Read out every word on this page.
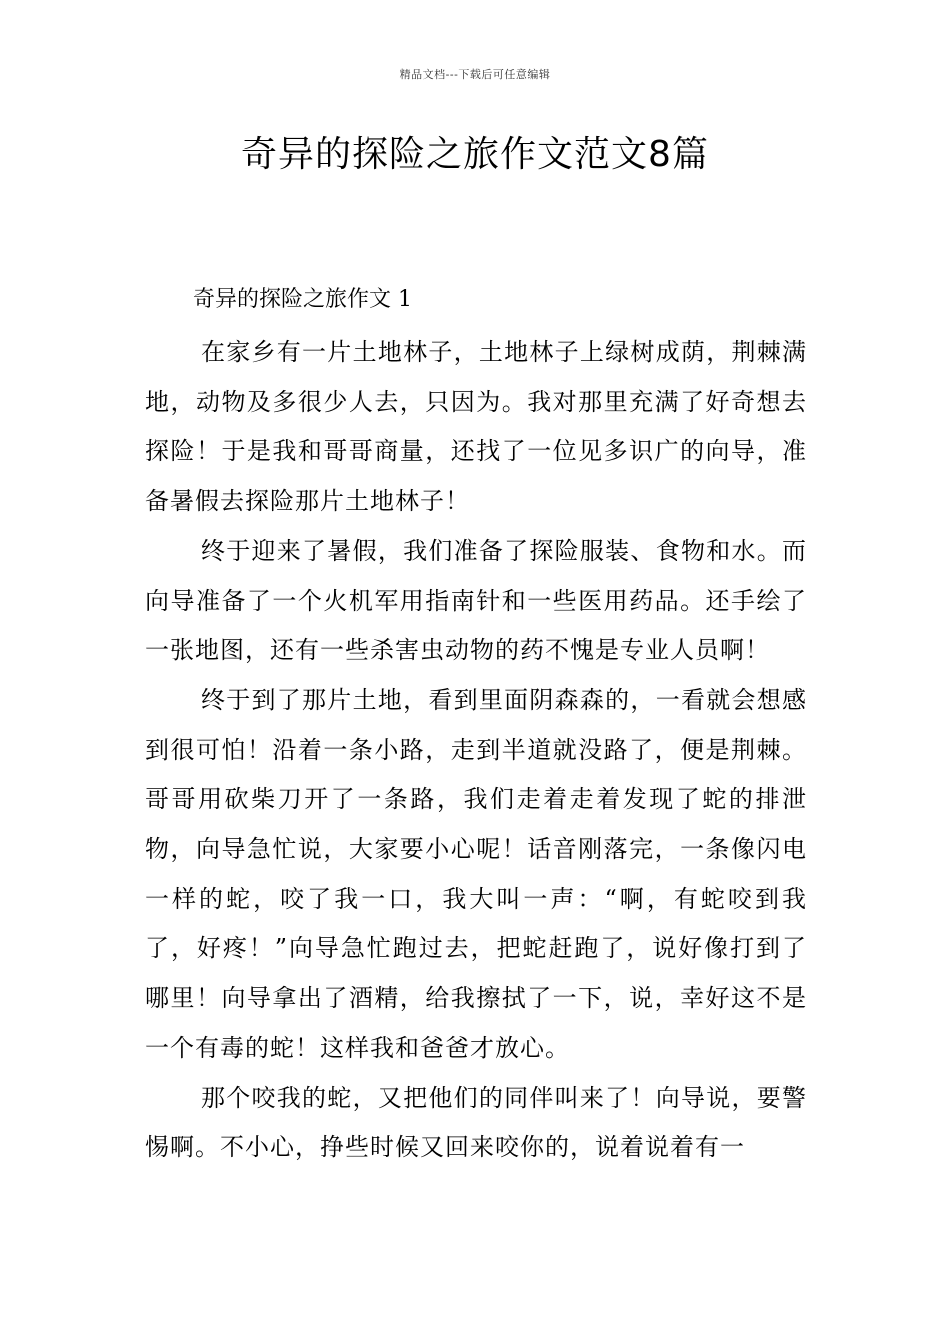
精品文档---下载后可任意编辑
奇异的探险之旅作文范文8篇

奇异的探险之旅作文 1

在家乡有一片土地林子，土地林子上绿树成荫，荆棘满地，动物及多很少人去，只因为。我对那里充满了好奇想去探险！于是我和哥哥商量，还找了一位见多识广的向导，准备暑假去探险那片土地林子！

终于迎来了暑假，我们准备了探险服装、食物和水。而向导准备了一个火机军用指南针和一些医用药品。还手绘了一张地图，还有一些杀害虫动物的药不愧是专业人员啊！

终于到了那片土地，看到里面阴森森的，一看就会想感到很可怕！沿着一条小路，走到半道就没路了，便是荆棘。哥哥用砍柴刀开了一条路，我们走着走着发现了蛇的排泄物，向导急忙说，大家要小心呢！话音刚落完，一条像闪电一样的蛇，咬了我一口，我大叫一声：“啊，有蛇咬到我了，好疼！”向导急忙跑过去，把蛇赶跑了，说好像打到了哪里！向导拿出了酒精，给我擦拭了一下，说，幸好这不是一个有毒的蛇！这样我和爸爸才放心。

那个咬我的蛇，又把他们的同伴叫来了！向导说，要警惕啊。不小心，挣些时候又回来咬你的，说着说着有一
